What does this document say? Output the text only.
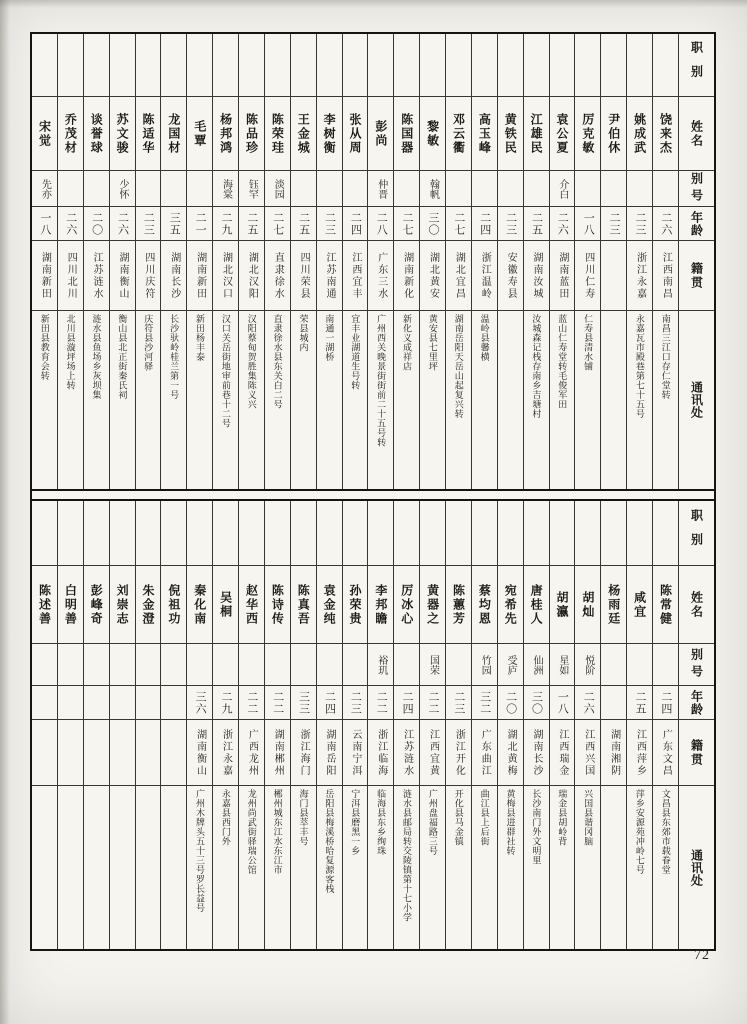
宋觉
先亦
一八
湖南新田
新田县教育会转
乔茂材
二六
四川北川
北川县漩坪场上转
谈誉球
二〇
江苏涟水
涟水县鱼场乡灰坝集
苏文骏
少怀
二六
湖南衡山
衡山县北正街秦氏祠
陈适华
二三
四川庆符
庆符县沙河驿
龙国材
三五
湖南长沙
长沙驮岭桂兰第一号
毛覃
二一
湖南新田
新田杨丰泰
杨邦鸿
海棠
二九
湖北汉口
汉口关岳街地审前巷十二号
陈品珍
钰罕
二五
湖北汉阳
汉阳蔡甸贺胜集陈义兴
陈荣珪
淡园
二七
直隶徐水
直隶徐水县东关白二号
王金城
二五
四川荣县
荣县城内
李树衡
二三
江苏南通
南通一湖桥
张从周
二四
江西宜丰
宜丰业湖道生号转
彭尚
仲晋
二八
广东三水
广州西关晚景街街前二十五号转
陈国器
二七
湖南新化
新化义成祥店
黎敏
翰帆
三〇
湖北黄安
黄安县七里坪
邓云衢
二七
湖北宜昌
湖南岳阳天岳山起复兴转
高玉峰
二四
浙江温岭
温岭县馨横
黄铁民
二三
安徽寿县
江雄民
二五
湖南汝城
汝城森记栈存南乡吉塘村
袁公夏
介白
二六
湖南蓝田
蓝山仁寿堂转毛俊军田
厉克敏
一八
四川仁寿
仁寿县清水铺
尹伯休
二三
姚成武
二三
浙江永嘉
永嘉瓦市殿巷第七十五号
饶来杰
二六
江西南昌
南昌三江口存仁堂转
职别
姓名
别号
年龄
籍贯
通讯处
陈述善 白明善 彭峰奇 刘崇志 朱金澄 倪祖功 秦化南
三六
湖南衡山
广州木牌头五十三号罗长益号
吴桐
二九
浙江永嘉
永嘉县西门外
赵华西
二二
广西龙州
龙州尚武街驿瑞公馆
陈诗传
二二
湖南郴州
郴州城东江水东江市
陈真吾
三三
浙江海门
海门县萃丰号
袁金纯
二四
湖南岳阳
岳阳县梅溪桥哈复源客栈
孙荣贵
二三
云南宁洱
宁洱县磨黑一乡
李邦瞻
裕玑
二二
浙江临海
临海县东乡绚珠
厉冰心
二四
江苏涟水
涟水县邮局转交陵镇第十七小学
黄器之
国荣
二二
江西宜黄
广州盘福路三号
陈蕙芳
二三
浙江开化
开化县马金镇
蔡均恩
竹园
三二
广东曲江
曲江县上后街
宛希先
受庐
二〇
湖北黄梅
黄梅县进群社转
唐桂人
仙洲
三〇
湖南长沙
长沙南门外文明里
胡瀛
星如
一八
江西瑞金
瑞金县胡岭背
胡灿
悦阶
二六
江西兴国
兴国县谐冈脑
杨雨廷
湖南湘阴
咸宜
二五
江西萍乡
萍乡安源苑冲岭七号
陈常健
二四
广东文昌
文昌县东郊市载眷堂
职别
姓名
别号
年龄
籍贯
通讯处
72
